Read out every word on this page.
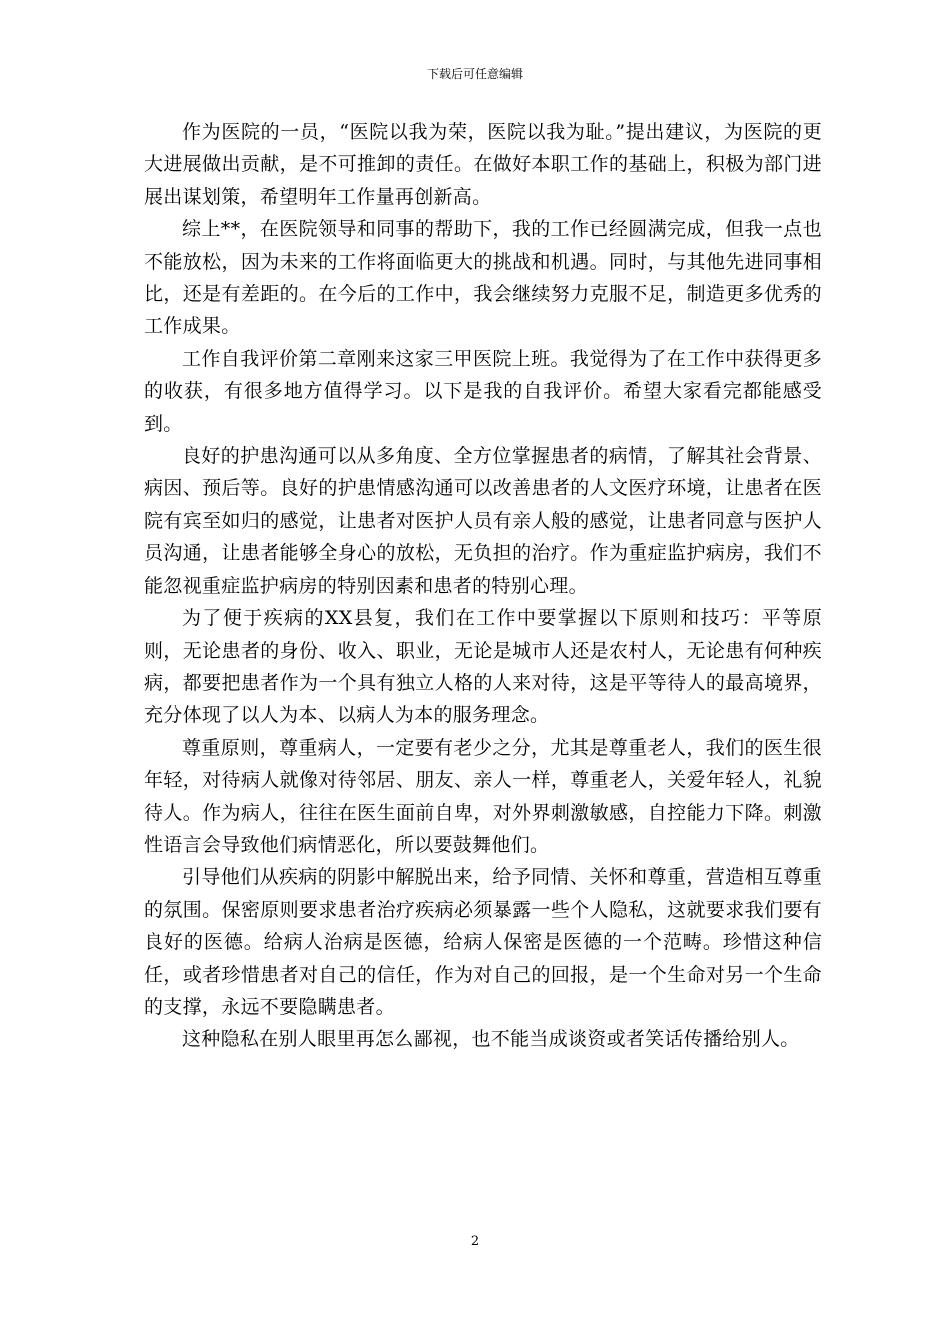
下载后可任意编辑

作为医院的一员，“医院以我为荣，医院以我为耻。”提出建议，为医院的更大进展做出贡献，是不可推卸的责任。在做好本职工作的基础上，积极为部门进展出谋划策，希望明年工作量再创新高。

综上**，在医院领导和同事的帮助下，我的工作已经圆满完成，但我一点也不能放松，因为未来的工作将面临更大的挑战和机遇。同时，与其他先进同事相比，还是有差距的。在今后的工作中，我会继续努力克服不足，制造更多优秀的工作成果。

工作自我评价第二章刚来这家三甲医院上班。我觉得为了在工作中获得更多的收获，有很多地方值得学习。以下是我的自我评价。希望大家看完都能感受到。

良好的护患沟通可以从多角度、全方位掌握患者的病情，了解其社会背景、病因、预后等。良好的护患情感沟通可以改善患者的人文医疗环境，让患者在医院有宾至如归的感觉，让患者对医护人员有亲人般的感觉，让患者同意与医护人员沟通，让患者能够全身心的放松，无负担的治疗。作为重症监护病房，我们不能忽视重症监护病房的特别因素和患者的特别心理。

为了便于疾病的XX县复，我们在工作中要掌握以下原则和技巧：平等原则，无论患者的身份、收入、职业，无论是城市人还是农村人，无论患有何种疾病，都要把患者作为一个具有独立人格的人来对待，这是平等待人的最高境界，充分体现了以人为本、以病人为本的服务理念。

尊重原则，尊重病人，一定要有老少之分，尤其是尊重老人，我们的医生很年轻，对待病人就像对待邻居、朋友、亲人一样，尊重老人，关爱年轻人，礼貌待人。作为病人，往往在医生面前自卑，对外界刺激敏感，自控能力下降。刺激性语言会导致他们病情恶化，所以要鼓舞他们。

引导他们从疾病的阴影中解脱出来，给予同情、关怀和尊重，营造相互尊重的氛围。保密原则要求患者治疗疾病必须暴露一些个人隐私，这就要求我们要有良好的医德。给病人治病是医德，给病人保密是医德的一个范畴。珍惜这种信任，或者珍惜患者对自己的信任，作为对自己的回报，是一个生命对另一个生命的支撑，永远不要隐瞒患者。

这种隐私在别人眼里再怎么鄙视，也不能当成谈资或者笑话传播给别人。

2
